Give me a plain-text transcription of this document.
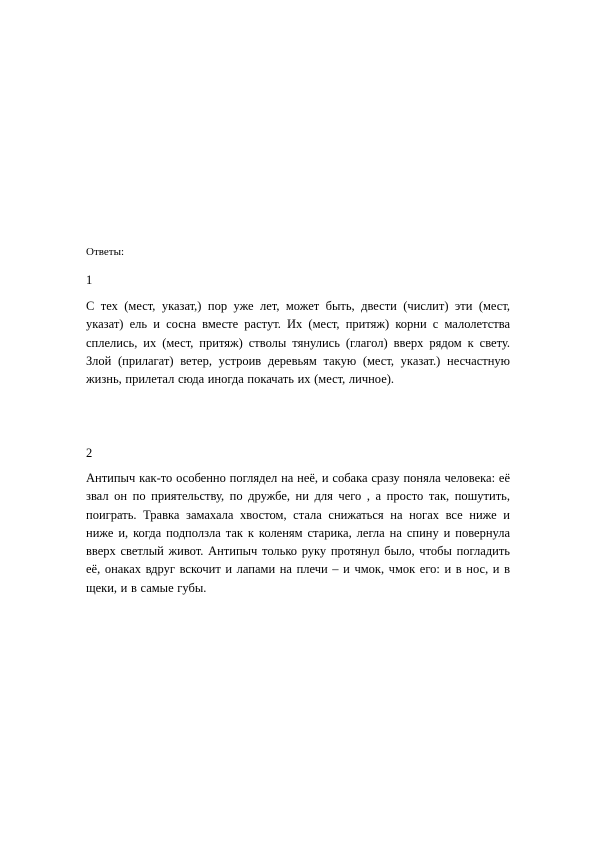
Ответы:

1

С тех (мест, указат,) пор уже лет, может быть, двести (числит) эти (мест, указат) ель и сосна вместе растут. Их (мест, притяж) корни с малолетства сплелись, их (мест, притяж) стволы тянулись (глагол) вверх рядом к свету. Злой (прилагат) ветер, устроив деревьям такую (мест, указат.) несчастную жизнь, прилетал сюда иногда покачать их (мест, личное).

2

Антипыч как-то особенно поглядел на неё, и собака сразу поняла человека: её звал он по приятельству, по дружбе, ни для чего , а просто так, пошутить, поиграть. Травка замахала хвостом, стала снижаться на ногах все ниже и ниже и, когда подползла так к коленям старика, легла на спину и повернула вверх светлый живот. Антипыч только руку протянул было, чтобы погладить её, онаках вдруг вскочит и лапами на плечи – и чмок, чмок его: и в нос, и в щеки, и в самые губы.
